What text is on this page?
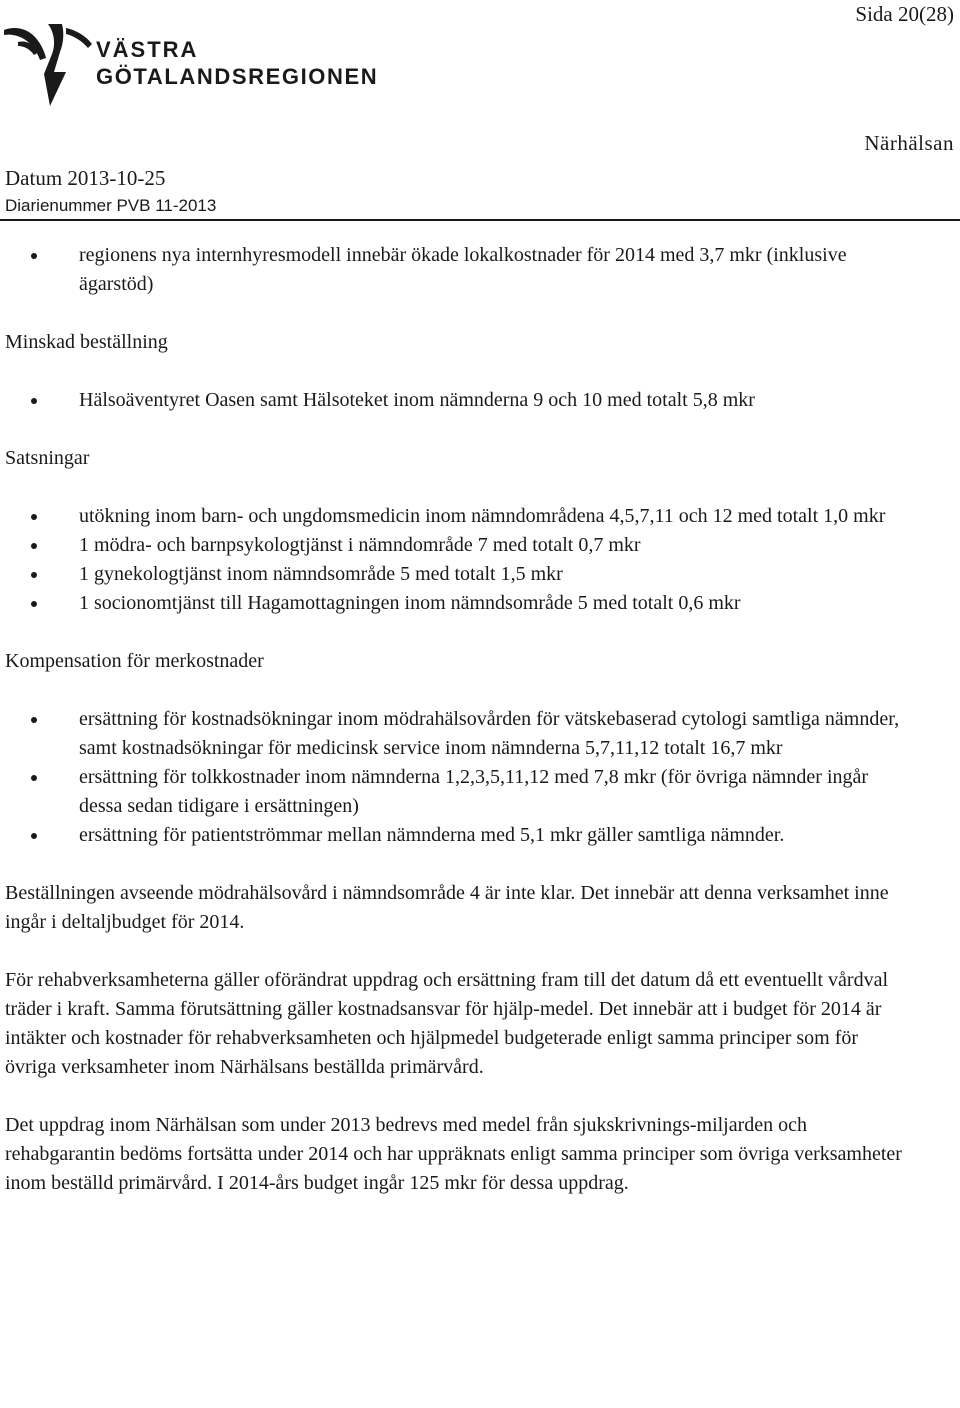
Sida 20(28)
VÄSTRA
GÖTALANDSREGIONEN
Närhälsan
Datum 2013-10-25
Diarienummer PVB 11-2013
regionens nya internhyresmodell innebär ökade lokalkostnader för 2014 med 3,7 mkr (inklusive ägarstöd)

Minskad beställning

Hälsoäventyret Oasen samt Hälsoteket inom nämnderna 9 och 10 med totalt 5,8 mkr

Satsningar

utökning inom barn- och ungdomsmedicin inom nämndområdena 4,5,7,11 och 12 med totalt 1,0 mkr
1 mödra- och barnpsykologtjänst i nämndområde 7 med totalt 0,7 mkr
1 gynekologtjänst inom nämndsområde 5 med totalt 1,5 mkr
1 socionomtjänst till Hagamottagningen inom nämndsområde 5 med totalt 0,6 mkr

Kompensation för merkostnader

ersättning för kostnadsökningar inom mödrahälsovården för vätskebaserad cytologi samtliga nämnder, samt kostnadsökningar för medicinsk service inom nämnderna 5,7,11,12 totalt 16,7 mkr
ersättning för tolkkostnader inom nämnderna 1,2,3,5,11,12 med 7,8 mkr (för övriga nämnder ingår dessa sedan tidigare i ersättningen)
ersättning för patientströmmar mellan nämnderna med 5,1 mkr gäller samtliga nämnder.

Beställningen avseende mödrahälsovård i nämndsområde 4 är inte klar. Det innebär att denna verksamhet inne ingår i deltaljbudget för 2014.

För rehabverksamheterna gäller oförändrat uppdrag och ersättning fram till det datum då ett eventuellt vårdval träder i kraft. Samma förutsättning gäller kostnadsansvar för hjälp-medel. Det innebär att i budget för 2014 är intäkter och kostnader för rehabverksamheten och hjälpmedel budgeterade enligt samma principer som för övriga verksamheter inom Närhälsans beställda primärvård.

Det uppdrag inom Närhälsan som under 2013 bedrevs med medel från sjukskrivnings-miljarden och rehabgarantin bedöms fortsätta under 2014 och har uppräknats enligt samma principer som övriga verksamheter inom beställd primärvård. I 2014-års budget ingår 125 mkr för dessa uppdrag.
